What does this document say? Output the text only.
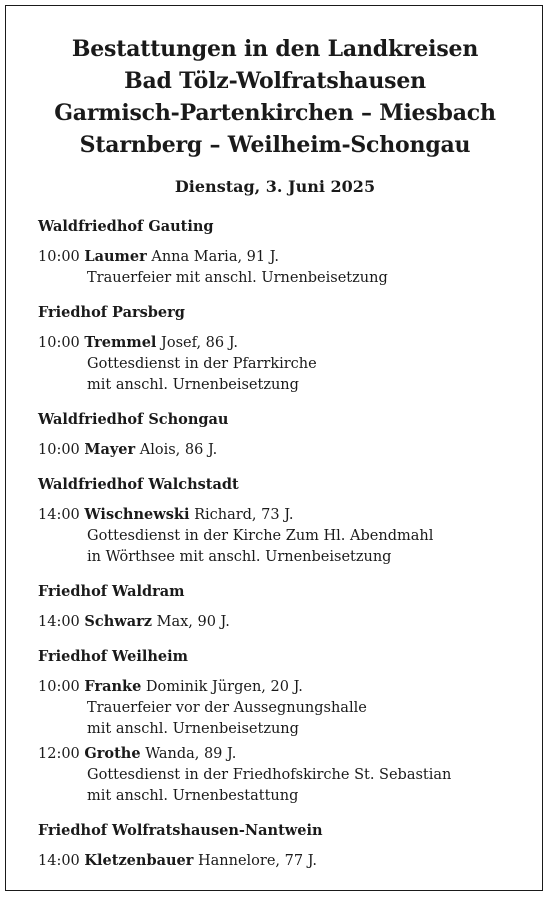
Bestattungen in den Landkreisen
Bad Tölz-Wolfratshausen
Garmisch-Partenkirchen – Miesbach
Starnberg – Weilheim-Schongau
Dienstag, 3. Juni 2025
Waldfriedhof Gauting
10:00 Laumer Anna Maria, 91 J.
Trauerfeier mit anschl. Urnenbeisetzung
Friedhof Parsberg
10:00 Tremmel Josef, 86 J.
Gottesdienst in der Pfarrkirche
mit anschl. Urnenbeisetzung
Waldfriedhof Schongau
10:00 Mayer Alois, 86 J.
Waldfriedhof Walchstadt
14:00 Wischnewski Richard, 73 J.
Gottesdienst in der Kirche Zum Hl. Abendmahl
in Wörthsee mit anschl. Urnenbeisetzung
Friedhof Waldram
14:00 Schwarz Max, 90 J.
Friedhof Weilheim
10:00 Franke Dominik Jürgen, 20 J.
Trauerfeier vor der Aussegnungshalle
mit anschl. Urnenbeisetzung
12:00 Grothe Wanda, 89 J.
Gottesdienst in der Friedhofskirche St. Sebastian
mit anschl. Urnenbestattung
Friedhof Wolfratshausen-Nantwein
14:00 Kletzenbauer Hannelore, 77 J.
